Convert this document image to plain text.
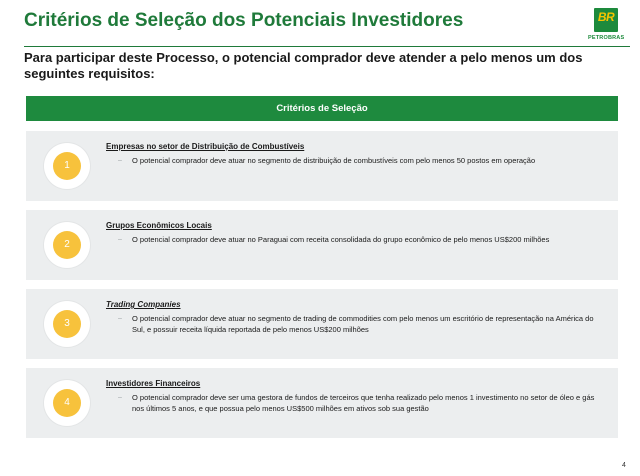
Critérios de Seleção dos Potenciais Investidores	BR
PETROBRAS
Para participar deste Processo, o potencial comprador deve atender a pelo menos um dos seguintes requisitos:
Critérios de Seleção
1
Empresas no setor de Distribuição de Combustíveis
– O potencial comprador deve atuar no segmento de distribuição de combustíveis com pelo menos 50 postos em operação
2
Grupos Econômicos Locais
– O potencial comprador deve atuar no Paraguai com receita consolidada do grupo econômico de pelo menos US$200 milhões
3
Trading Companies
– O potencial comprador deve atuar no segmento de trading de commodities com pelo menos um escritório de representação na América do Sul, e possuir receita líquida reportada de pelo menos US$200 milhões
4
Investidores Financeiros
– O potencial comprador deve ser uma gestora de fundos de terceiros que tenha realizado pelo menos 1 investimento no setor de óleo e gás nos últimos 5 anos, e que possua pelo menos US$500 milhões em ativos sob sua gestão
4
